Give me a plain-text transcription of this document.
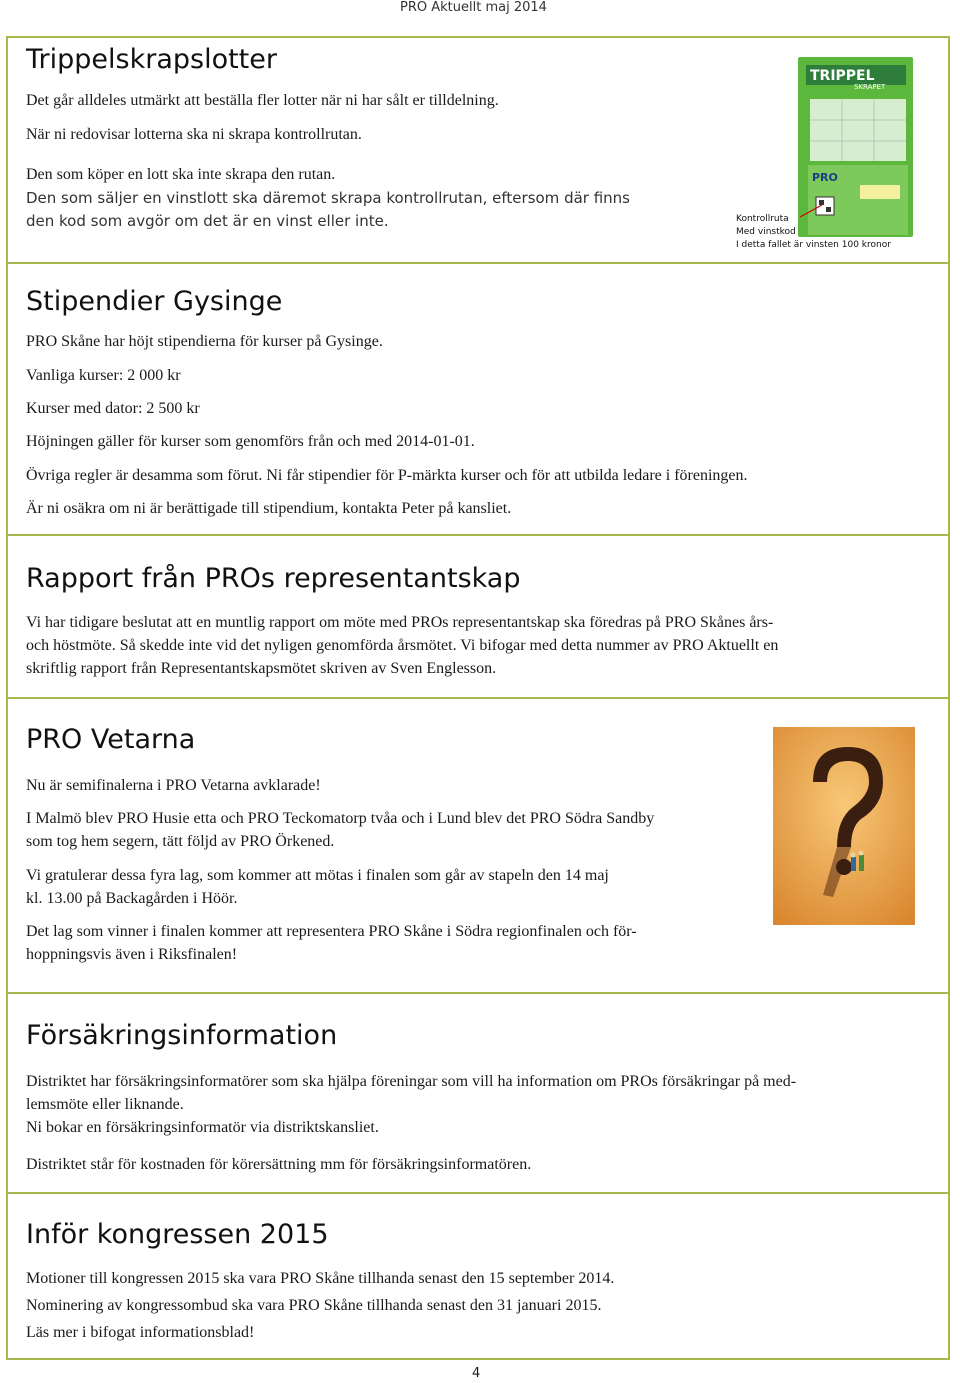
PRO Aktuellt maj 2014
Trippelskrapslotter

Det går alldeles utmärkt att beställa fler lotter när ni har sålt er tilldelning.

När ni redovisar lotterna ska ni skrapa kontrollrutan.

Den som köper en lott ska inte skrapa den rutan.

Den som säljer en vinstlott ska däremot skrapa kontrollrutan, eftersom där finns

den kod som avgör om det är en vinst eller inte.

TRIPPEL
SKRAPET
PRO
Kontrollruta
Med vinstkod
I detta fallet är vinsten 100 kronor
Stipendier Gysinge

PRO Skåne har höjt stipendierna för kurser på Gysinge.

Vanliga kurser: 2 000 kr

Kurser med dator: 2 500 kr

Höjningen gäller för kurser som genomförs från och med 2014-01-01.

Övriga regler är desamma som förut. Ni får stipendier för P-märkta kurser och för att utbilda ledare i föreningen.

Är ni osäkra om ni är berättigade till stipendium, kontakta Peter på kansliet.

Rapport från PROs representantskap

Vi har tidigare beslutat att en muntlig rapport om möte med PROs representantskap ska föredras på PRO Skånes års-

och höstmöte. Så skedde inte vid det nyligen genomförda årsmötet. Vi bifogar med detta nummer av PRO Aktuellt en

skriftlig rapport från Representantskapsmötet skriven av Sven Englesson.

PRO Vetarna

Nu är semifinalerna i PRO Vetarna avklarade!

I Malmö blev PRO Husie etta och PRO Teckomatorp tvåa och i Lund blev det PRO Södra Sandby

som tog hem segern, tätt följd av PRO Örkened.

Vi gratulerar dessa fyra lag, som kommer att mötas i finalen som går av stapeln den 14 maj

kl. 13.00 på Backagården i Höör.

Det lag som vinner i finalen kommer att representera PRO Skåne i Södra regionfinalen och för-

hoppningsvis även i Riksfinalen!

Försäkringsinformation

Distriktet har försäkringsinformatörer som ska hjälpa föreningar som vill ha information om PROs försäkringar på med-

lemsmöte eller liknande.

Ni bokar en försäkringsinformatör via distriktskansliet.

Distriktet står för kostnaden för körersättning mm för försäkringsinformatören.

Inför kongressen 2015

Motioner till kongressen 2015 ska vara PRO Skåne tillhanda senast den 15 september 2014.

Nominering av kongressombud ska vara PRO Skåne tillhanda senast den 31 januari 2015.

Läs mer i bifogat informationsblad!

4
